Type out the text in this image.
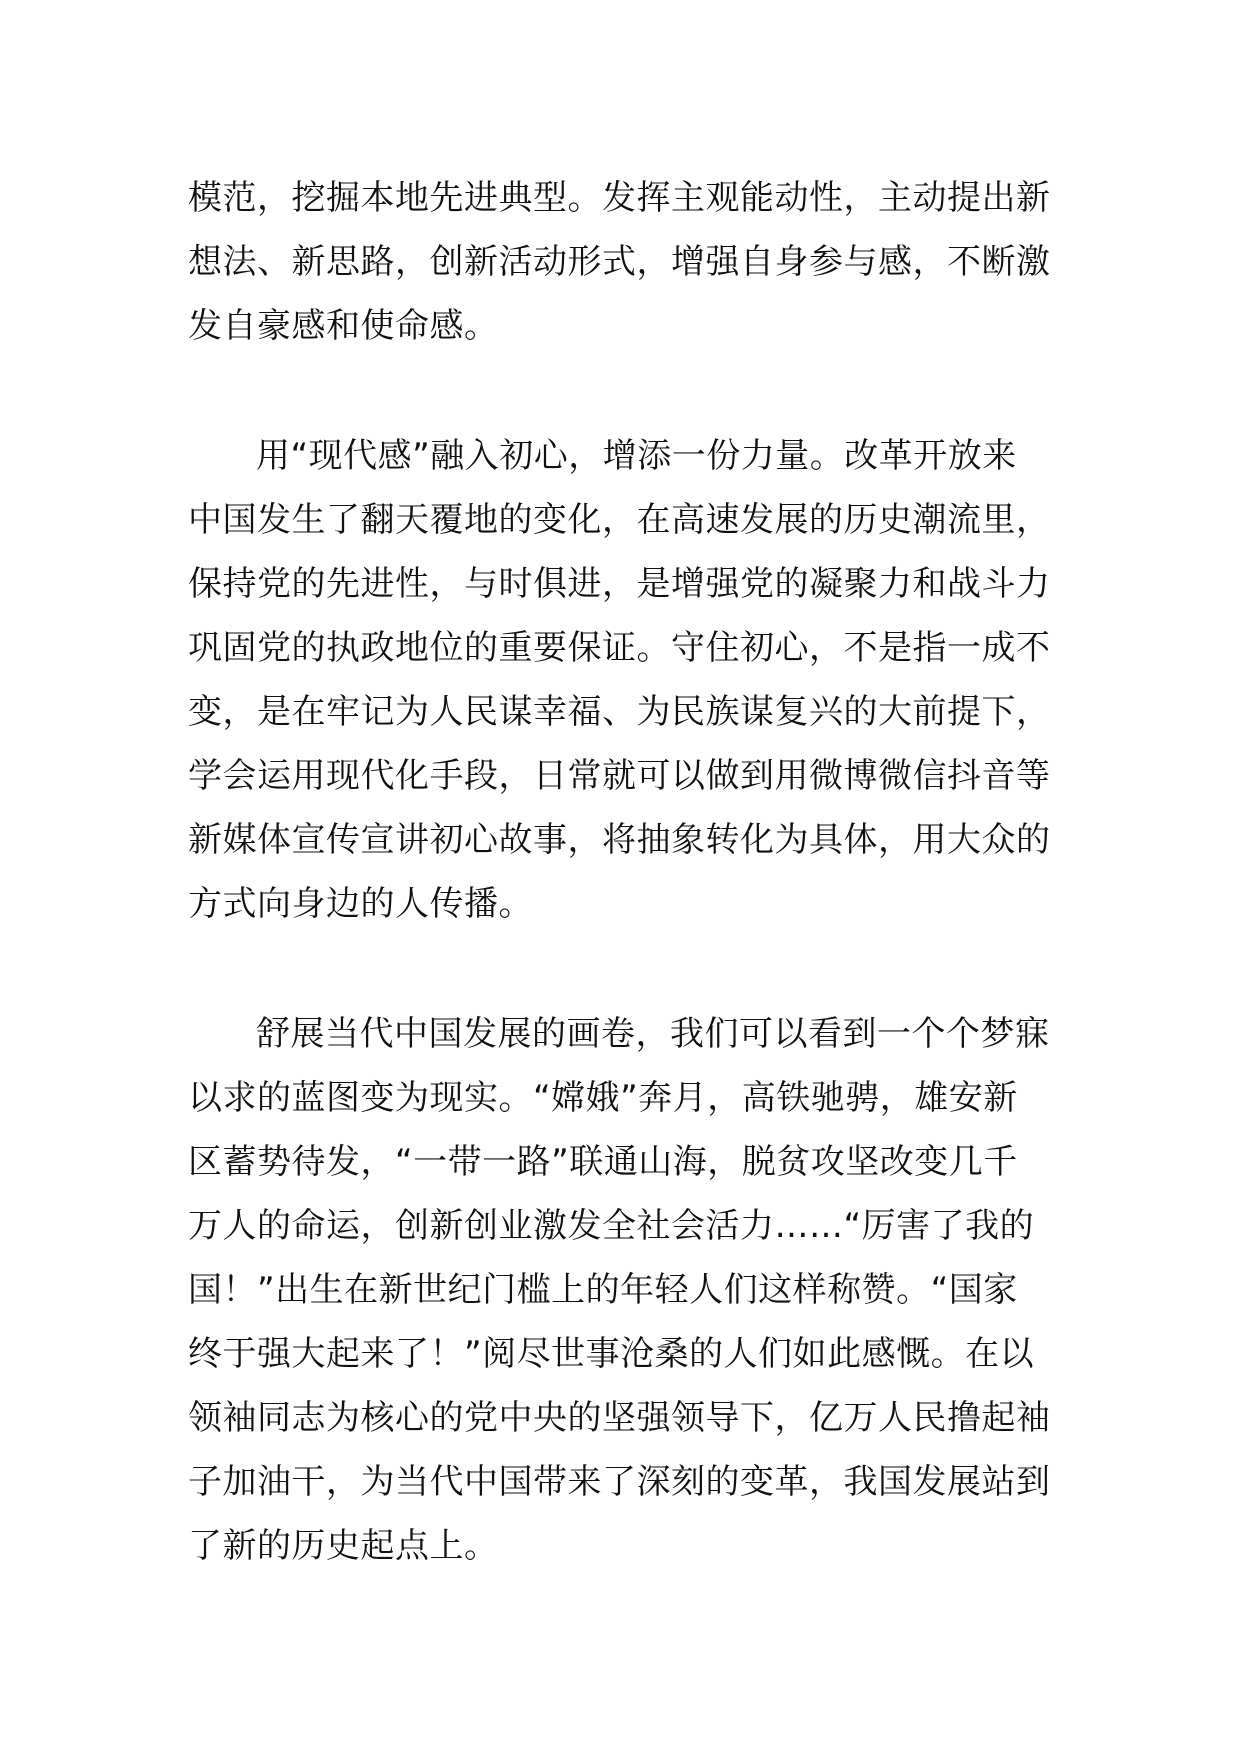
模范，挖掘本地先进典型。发挥主观能动性，主动提出新
想法、新思路，创新活动形式，增强自身参与感，不断激
发自豪感和使命感。
用“现代感”融入初心，增添一份力量。改革开放来
中国发生了翻天覆地的变化，在高速发展的历史潮流里，
保持党的先进性，与时俱进，是增强党的凝聚力和战斗力
巩固党的执政地位的重要保证。守住初心，不是指一成不
变，是在牢记为人民谋幸福、为民族谋复兴的大前提下，
学会运用现代化手段，日常就可以做到用微博微信抖音等
新媒体宣传宣讲初心故事，将抽象转化为具体，用大众的
方式向身边的人传播。
舒展当代中国发展的画卷，我们可以看到一个个梦寐
以求的蓝图变为现实。“嫦娥”奔月，高铁驰骋，雄安新
区蓄势待发，“一带一路”联通山海，脱贫攻坚改变几千
万人的命运，创新创业激发全社会活力……“厉害了我的
国！”出生在新世纪门槛上的年轻人们这样称赞。“国家
终于强大起来了！”阅尽世事沧桑的人们如此感慨。在以
领袖同志为核心的党中央的坚强领导下，亿万人民撸起袖
子加油干，为当代中国带来了深刻的变革，我国发展站到
了新的历史起点上。
